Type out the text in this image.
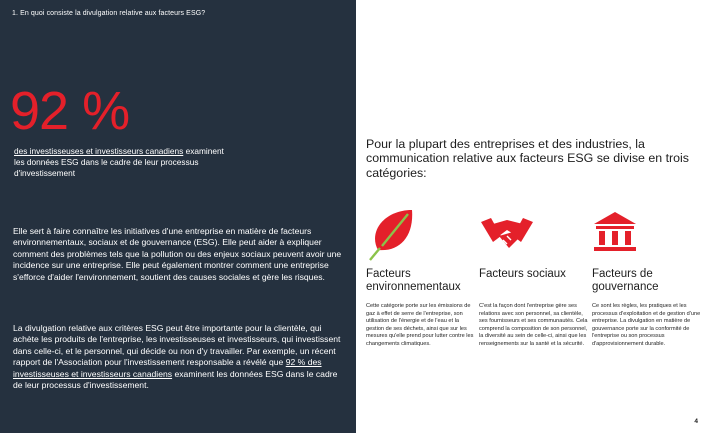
1. En quoi consiste la divulgation relative aux facteurs ESG?
92 %
des investisseuses et investisseurs canadiens examinent les données ESG dans le cadre de leur processus d'investissement

Elle sert à faire connaître les initiatives d'une entreprise en matière de facteurs environnementaux, sociaux et de gouvernance (ESG). Elle peut aider à expliquer comment des problèmes tels que la pollution ou des enjeux sociaux peuvent avoir une incidence sur une entreprise. Elle peut également montrer comment une entreprise s'efforce d'aider l'environnement, soutient des causes sociales et gère les risques.

La divulgation relative aux critères ESG peut être importante pour la clientèle, qui achète les produits de l'entreprise, les investisseuses et investisseurs, qui investissent dans celle-ci, et le personnel, qui décide ou non d'y travailler. Par exemple, un récent rapport de l'Association pour l'investissement responsable a révélé que 92 % des investisseuses et investisseurs canadiens examinent les données ESG dans le cadre de leur processus d'investissement.

Pour la plupart des entreprises et des industries, la communication relative aux facteurs ESG se divise en trois catégories:
Facteurs environnementaux
Cette catégorie porte sur les émissions de gaz à effet de serre de l'entreprise, son utilisation de l'énergie et de l'eau et la gestion de ses déchets, ainsi que sur les mesures qu'elle prend pour lutter contre les changements climatiques.
Facteurs sociaux
C'est la façon dont l'entreprise gère ses relations avec son personnel, sa clientèle, ses fournisseurs et ses communautés. Cela comprend la composition de son personnel, la diversité au sein de celle-ci, ainsi que les renseignements sur la santé et la sécurité.
Facteurs de gouvernance
Ce sont les règles, les pratiques et les processus d'exploitation et de gestion d'une entreprise. La divulgation en matière de gouvernance porte sur la conformité de l'entreprise ou son processus d'approvisionnement durable.
4
